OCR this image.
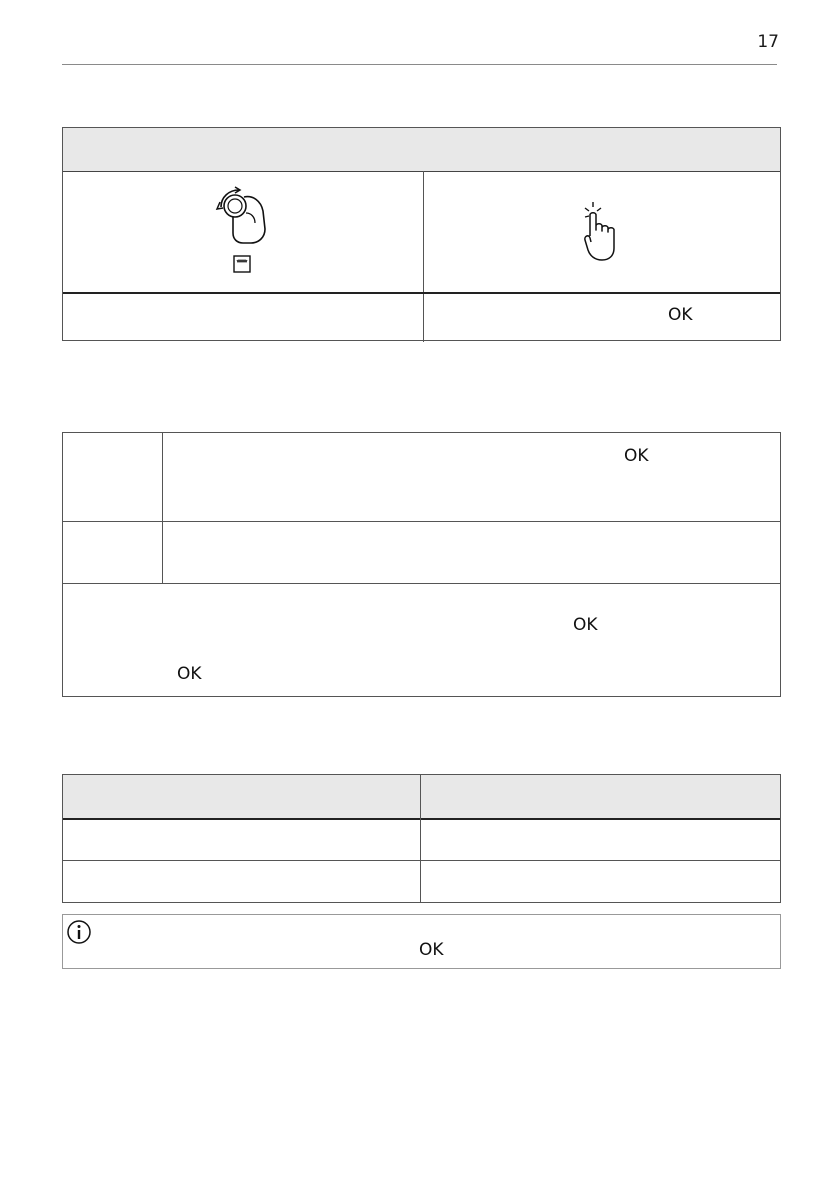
17
OK
OK
OK
OK
OK
